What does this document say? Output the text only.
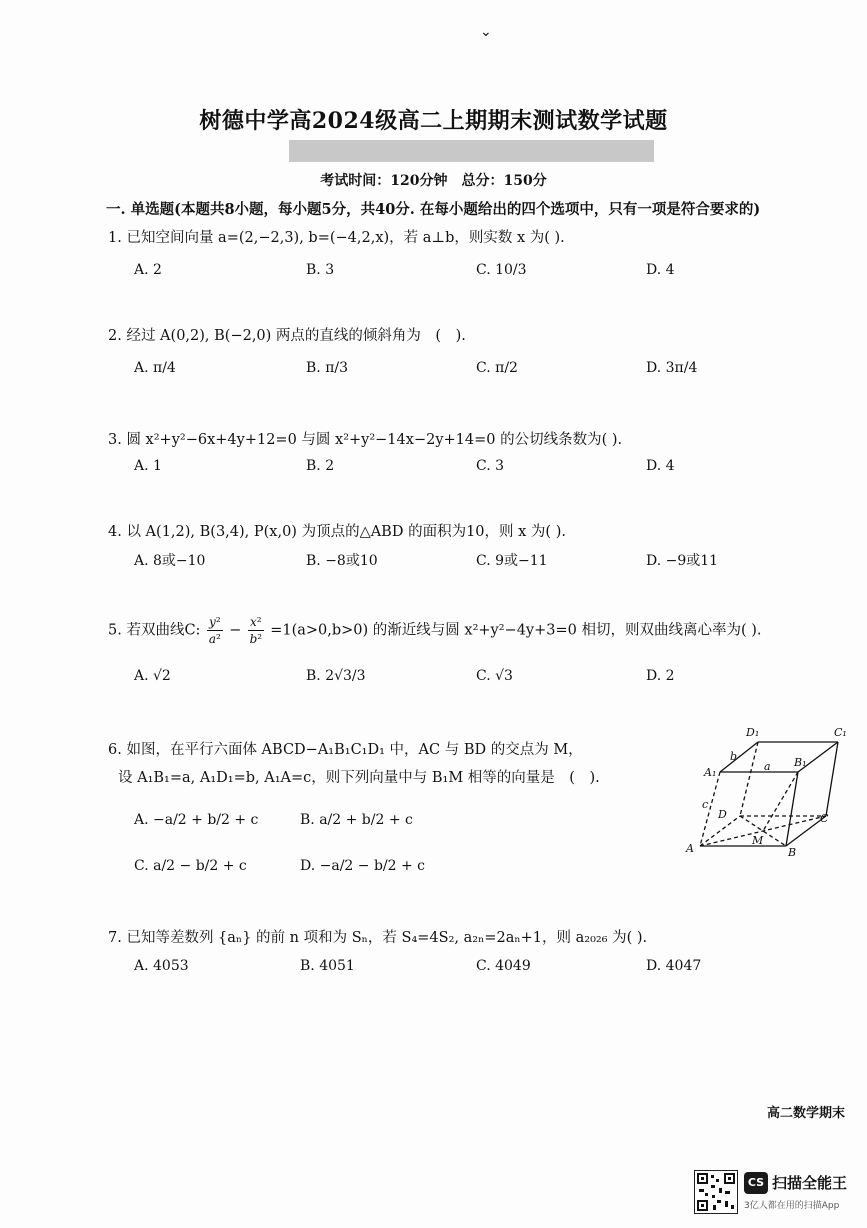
⌄
树德中学高2024级高二上期期末测试数学试题
考试时间：120分钟　总分：150分
一. 单选题(本题共8小题，每小题5分，共40分. 在每小题给出的四个选项中，只有一项是符合要求的)
1. 已知空间向量 a=(2,−2,3), b=(−4,2,x)，若 a⊥b，则实数 x 为( ).
A. 2	B. 3	C. 10/3	D. 4
2. 经过 A(0,2), B(−2,0) 两点的直线的倾斜角为　(　).
A. π/4	B. π/3	C. π/2	D. 3π/4
3. 圆 x²+y²−6x+4y+12=0 与圆 x²+y²−14x−2y+14=0 的公切线条数为( ).
A. 1	B. 2	C. 3	D. 4
4. 以 A(1,2), B(3,4), P(x,0) 为顶点的△ABD 的面积为10，则 x 为( ).
A. 8或−10	B. −8或10	C. 9或−11	D. −9或11
5. 若双曲线C: $\frac{\text{y²}}{\text{a²}} - \frac{\text{x²}}{\text{b²}} =1(a>0,b>0)$ 的渐近线与圆 x²+y²−4y+3=0 相切，则双曲线离心率为( ).
A. √2	B. 2√3/3	C. √3	D. 2
6. 如图，在平行六面体 ABCD−A₁B₁C₁D₁ 中，AC 与 BD 的交点为 M，
设 A₁B₁=a, A₁D₁=b, A₁A=c，则下列向量中与 B₁M 相等的向量是　(　).
A. −a/2 + b/2 + c	B. a/2 + b/2 + c
C. a/2 − b/2 + c	D. −a/2 − b/2 + c
D₁	C₁
b
A₁	a B₁
c
D	C
A
M
B
7. 已知等差数列 {aₙ} 的前 n 项和为 Sₙ，若 S₄=4S₂, a₂ₙ=2aₙ+1，则 a₂₀₂₆ 为( ).
A. 4053	B. 4051	C. 4049	D. 4047
高二数学期末
CS 扫描全能王
3亿人都在用的扫描App
